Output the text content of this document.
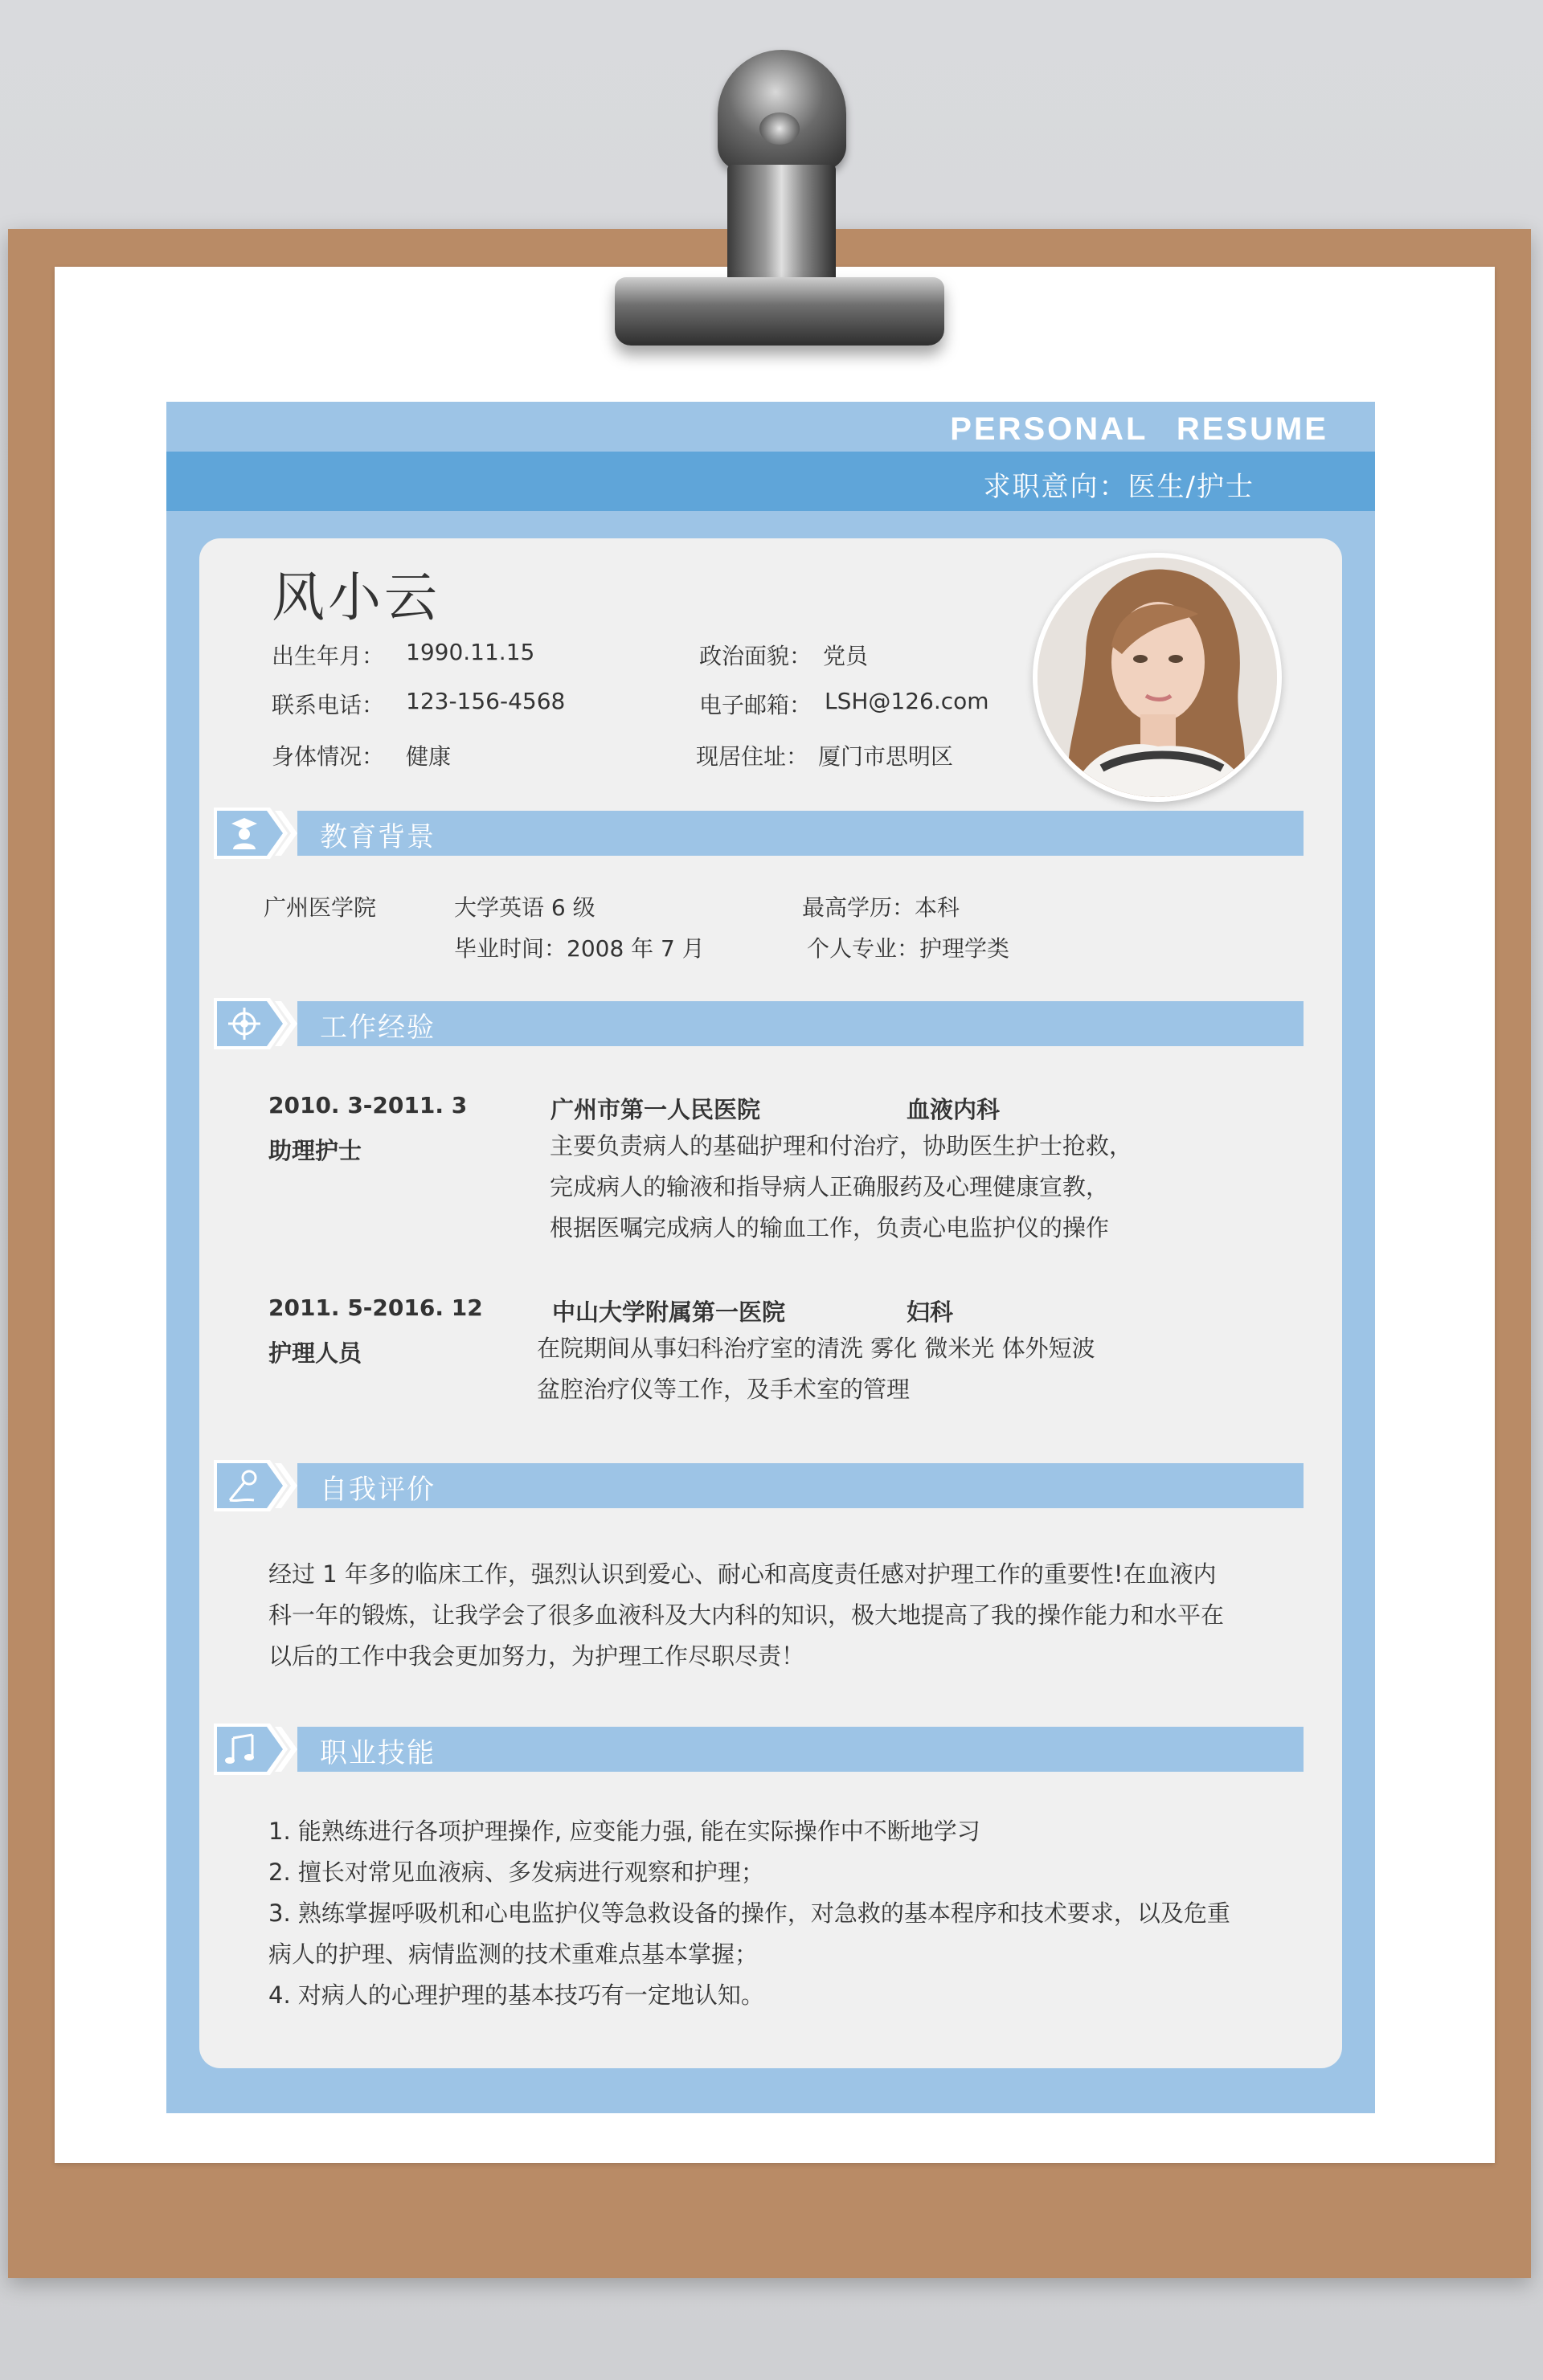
PERSONAL RESUME
求职意向：医生/护士
风小云
出生年月： 1990.11.15	政治面貌： 党员
联系电话： 123-156-4568	电子邮箱： LSH@126.com
身体情况： 健康	现居住址： 厦门市思明区
教育背景
广州医学院	大学英语 6 级	最高学历：本科
毕业时间：2008 年 7 月	个人专业：护理学类
工作经验
2010. 3-2011. 3	广州市第一人民医院	血液内科
助理护士	主要负责病人的基础护理和付治疗，协助医生护士抢救，
完成病人的输液和指导病人正确服药及心理健康宣教，
根据医嘱完成病人的输血工作，负责心电监护仪的操作
2011. 5-2016. 12	中山大学附属第一医院	妇科
护理人员	在院期间从事妇科治疗室的清洗 雾化 微米光 体外短波
盆腔治疗仪等工作，及手术室的管理
自我评价
经过 1 年多的临床工作，强烈认识到爱心、耐心和高度责任感对护理工作的重要性!在血液内
科一年的锻炼，让我学会了很多血液科及大内科的知识，极大地提高了我的操作能力和水平在
以后的工作中我会更加努力，为护理工作尽职尽责！
职业技能
1. 能熟练进行各项护理操作, 应变能力强, 能在实际操作中不断地学习
2. 擅长对常见血液病、多发病进行观察和护理；
3. 熟练掌握呼吸机和心电监护仪等急救设备的操作，对急救的基本程序和技术要求，以及危重
病人的护理、病情监测的技术重难点基本掌握；
4. 对病人的心理护理的基本技巧有一定地认知。
